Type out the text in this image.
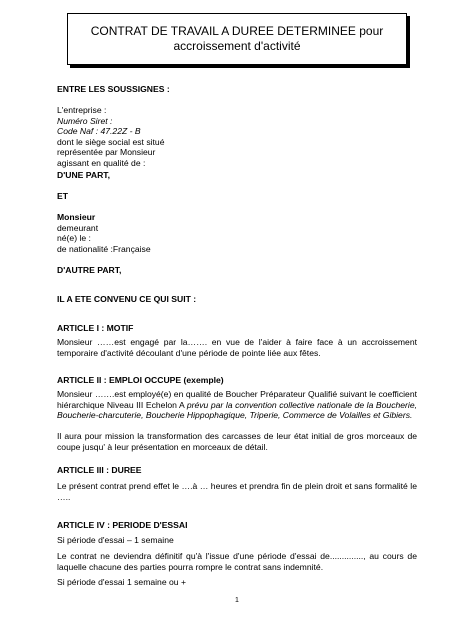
CONTRAT DE TRAVAIL A DUREE DETERMINEE pour
accroissement d'activité
ENTRE LES SOUSSIGNES :
L'entreprise :
Numéro Siret :
Code Naf : 47.22Z - B
dont le siège social est situé
représentée par Monsieur
agissant en qualité de :
D'UNE PART,
ET
Monsieur
demeurant
né(e) le :
de nationalité :Française
D'AUTRE PART,
IL A ETE CONVENU CE QUI SUIT :
ARTICLE I : MOTIF
Monsieur ……est engagé par la……. en vue de l'aider à faire face à un accroissement temporaire d'activité découlant d'une période de pointe liée aux fêtes.
ARTICLE II : EMPLOI OCCUPE (exemple)
Monsieur …….est employé(e) en qualité de Boucher Préparateur Qualifié suivant le coefficient hiérarchique Niveau III Echelon A prévu par la convention collective nationale de la Boucherie, Boucherie-charcuterie, Boucherie Hippophagique, Triperie, Commerce de Volailles et Gibiers.
Il aura pour mission la transformation des carcasses de leur état initial de gros morceaux de coupe jusqu' à leur présentation en morceaux de détail.
ARTICLE III : DUREE
Le présent contrat prend effet le ….à … heures et prendra fin de plein droit et sans formalité le …..
ARTICLE IV : PERIODE D'ESSAI
Si période d'essai – 1 semaine
Le contrat ne deviendra définitif qu'à l'issue d'une période d'essai de.............., au cours de laquelle chacune des parties pourra rompre le contrat sans indemnité.
Si période d'essai 1 semaine ou +
1
